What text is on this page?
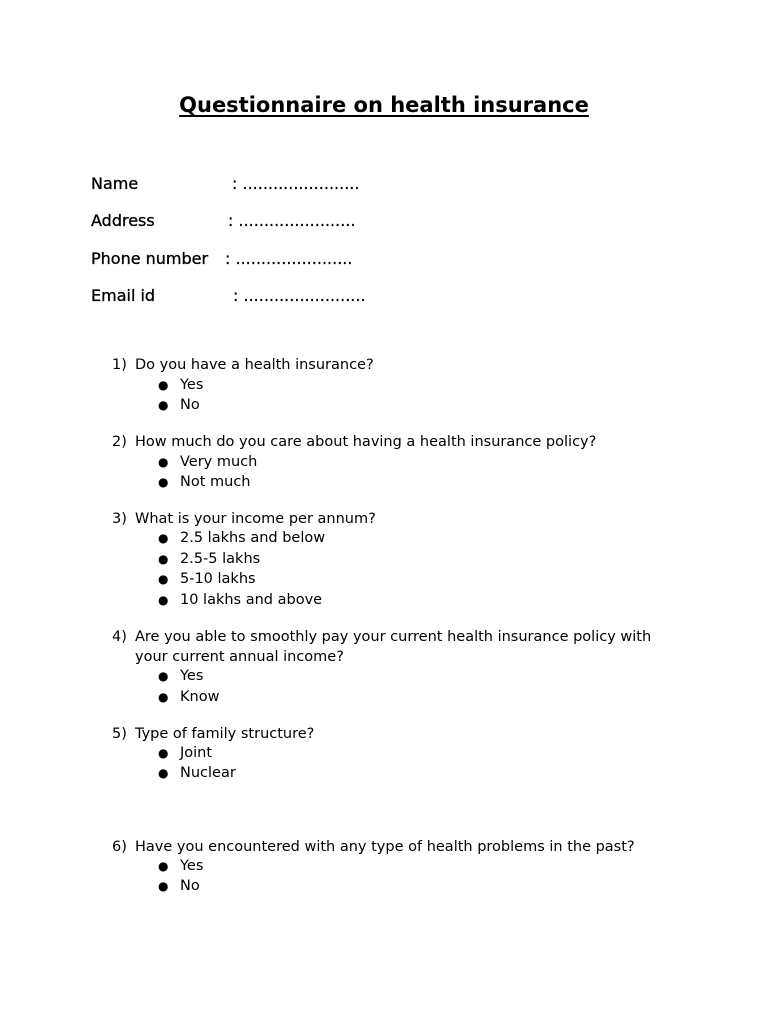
Questionnaire on health insurance
Name	: .......................
Address	: .......................
Phone number : .......................
Email id	: ........................
1) Do you have a health insurance?
● Yes
● No
2) How much do you care about having a health insurance policy?
● Very much
● Not much
3) What is your income per annum?
● 2.5 lakhs and below
● 2.5-5 lakhs
● 5-10 lakhs
● 10 lakhs and above
4) Are you able to smoothly pay your current health insurance policy with
your current annual income?
● Yes
● Know
5) Type of family structure?
● Joint
● Nuclear
6) Have you encountered with any type of health problems in the past?
● Yes
● No
